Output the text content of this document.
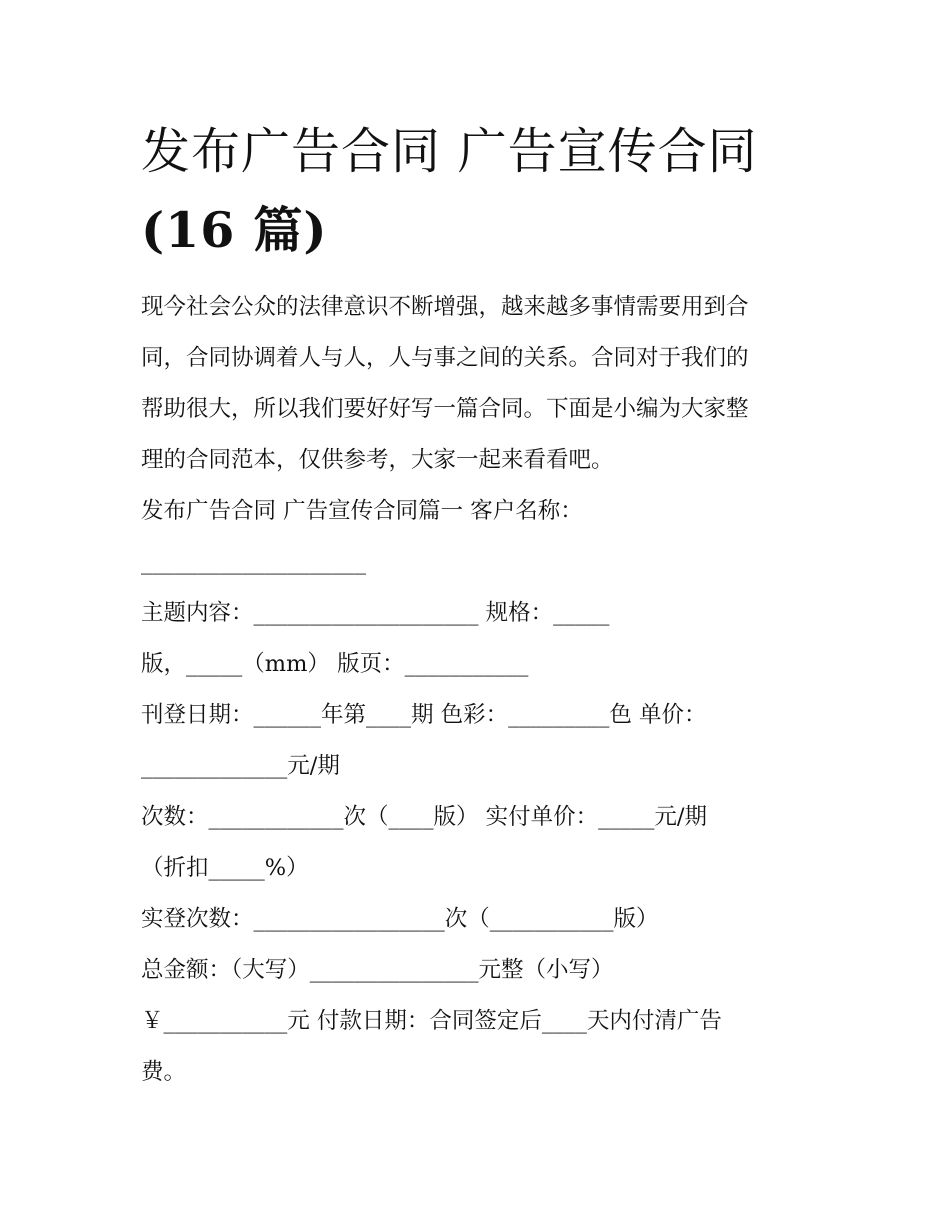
发布广告合同 广告宣传合同
(16 篇)

现今社会公众的法律意识不断增强，越来越多事情需要用到合

同，合同协调着人与人，人与事之间的关系。合同对于我们的

帮助很大，所以我们要好好写一篇合同。下面是小编为大家整

理的合同范本，仅供参考，大家一起来看看吧。

发布广告合同 广告宣传合同篇一 客户名称：

____________________

主题内容：____________________ 规格：_____

版，_____（mm） 版页：___________

刊登日期：______年第____期 色彩：_________色 单价：

_____________元/期

次数：____________次（____版） 实付单价：_____元/期

（折扣_____%）

实登次数：_________________次（___________版）

总金额：（大写）_______________元整（小写）

￥___________元 付款日期：合同签定后____天内付清广告

费。
